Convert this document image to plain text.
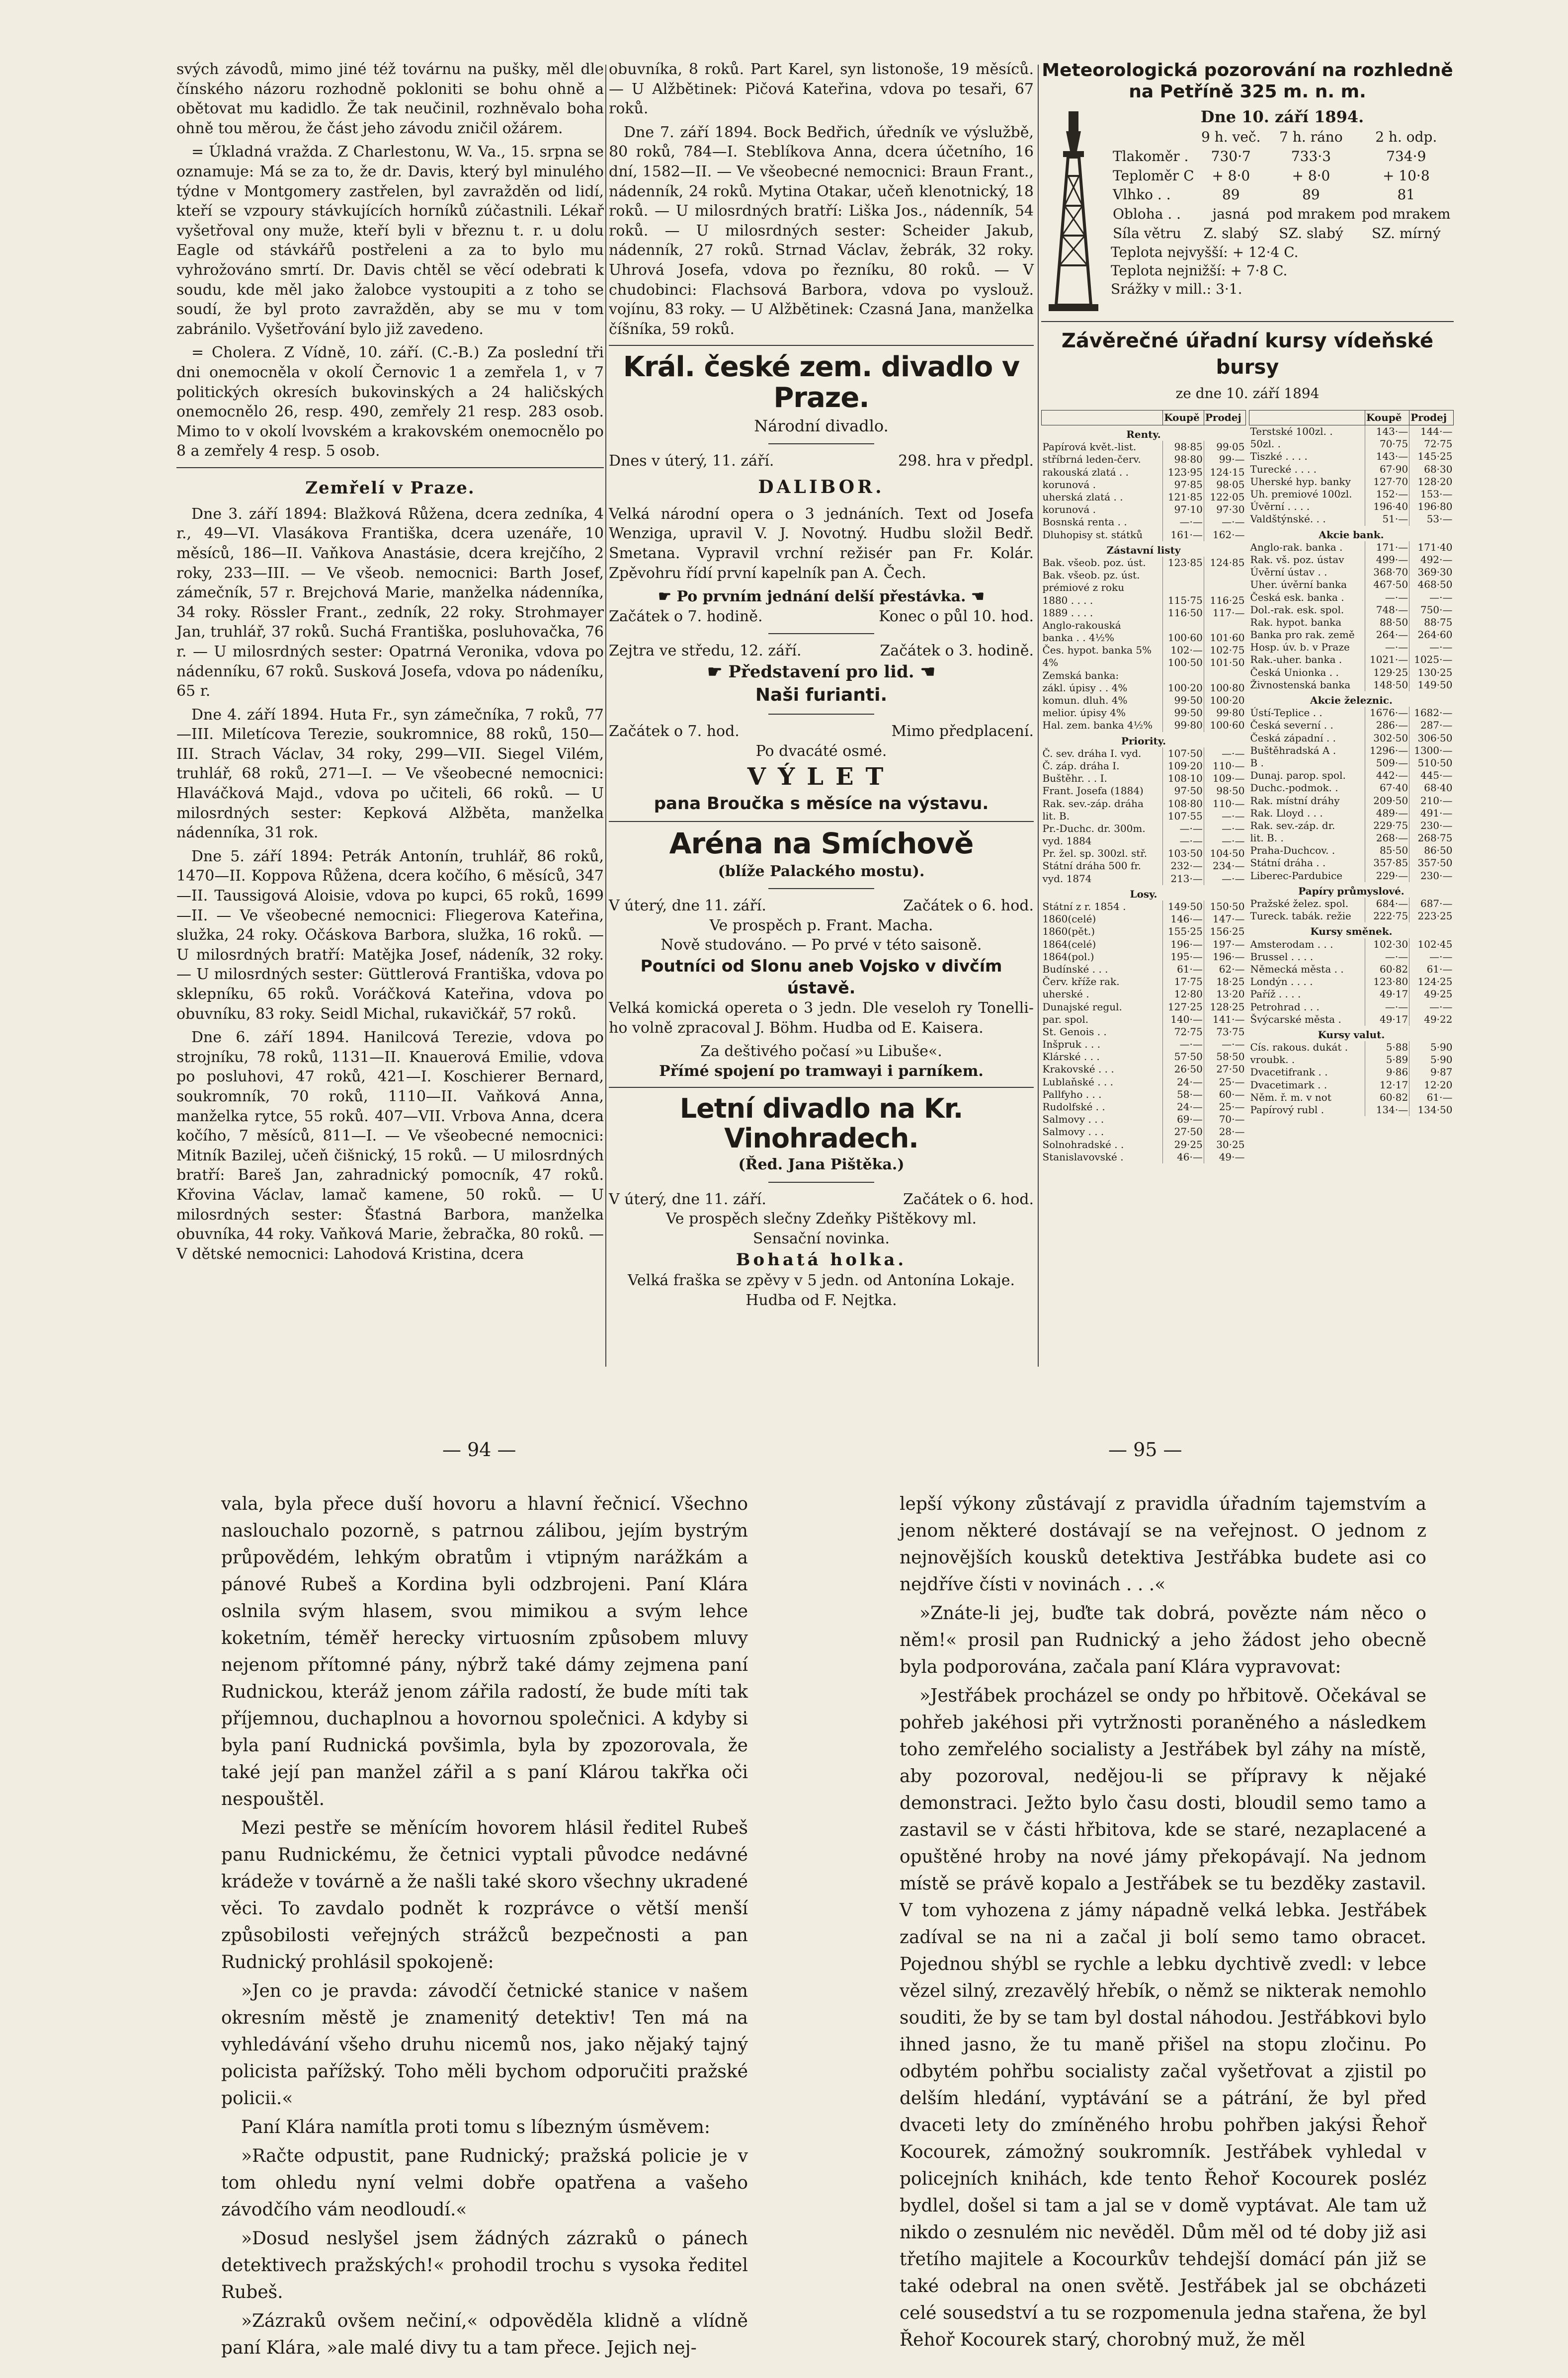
svých závodů, mimo jiné též továrnu na pušky, měl dle čínského názoru rozhodně pokloniti se bohu ohně a obětovat mu kadidlo. Že tak neučinil, rozhněvalo boha ohně tou měrou, že část jeho závodu zničil ožárem.

= Úkladná vražda. Z Charlestonu, W. Va., 15. srpna se oznamuje: Má se za to, že dr. Davis, který byl minulého týdne v Montgomery zastřelen, byl zavražděn od lidí, kteří se vzpoury stávkujících horníků zúčastnili. Lékař vyšetřoval ony muže, kteří byli v březnu t. r. u dolu Eagle od stávkářů postřeleni a za to bylo mu vyhrožováno smrtí. Dr. Davis chtěl se věcí odebrati k soudu, kde měl jako žalobce vystoupiti a z toho se soudí, že byl proto zavražděn, aby se mu v tom zabránilo. Vyšetřování bylo již zavedeno.

= Cholera. Z Vídně, 10. září. (C.-B.) Za poslední tři dni onemocněla v okolí Černovic 1 a zemřela 1, v 7 politických okresích bukovinských a 24 haličských onemocnělo 26, resp. 490, zemřely 21 resp. 283 osob. Mimo to v okolí lvovském a krakovském onemocnělo po 8 a zemřely 4 resp. 5 osob.

Zemřelí v Praze.

Dne 3. září 1894: Blažková Růžena, dcera zedníka, 4 r., 49—VI. Vlasákova Františka, dcera uzenáře, 10 měsíců, 186—II. Vaňkova Anastásie, dcera krejčího, 2 roky, 233—III. — Ve všeob. nemocnici: Barth Josef, zámečník, 57 r. Brejchová Marie, manželka nádenníka, 34 roky. Rössler Frant., zedník, 22 roky. Strohmayer Jan, truhlář, 37 roků. Suchá Františka, posluhovačka, 76 r. — U milosrdných sester: Opatrná Veronika, vdova po nádenníku, 67 roků. Susková Josefa, vdova po nádeníku, 65 r.

Dne 4. září 1894. Huta Fr., syn zámečníka, 7 roků, 77—III. Miletícova Terezie, soukromnice, 88 roků, 150—III. Strach Václav, 34 roky, 299—VII. Siegel Vilém, truhlář, 68 roků, 271—I. — Ve všeobecné nemocnici: Hlaváčková Majd., vdova po učiteli, 66 roků. — U milosrdných sester: Kepková Alžběta, manželka nádenníka, 31 rok.

Dne 5. září 1894: Petrák Antonín, truhlář, 86 roků, 1470—II. Koppova Růžena, dcera kočího, 6 měsíců, 347—II. Taussigová Aloisie, vdova po kupci, 65 roků, 1699—II. — Ve všeobecné nemocnici: Fliegerova Kateřina, služka, 24 roky. Očáskova Barbora, služka, 16 roků. — U milosrdných bratří: Matějka Josef, nádeník, 32 roky. — U milosrdných sester: Güttlerová Františka, vdova po sklepníku, 65 roků. Voráčková Kateřina, vdova po obuvníku, 83 roky. Seidl Michal, rukavičkář, 57 roků.

Dne 6. září 1894. Hanilcová Terezie, vdova po strojníku, 78 roků, 1131—II. Knauerová Emilie, vdova po posluhovi, 47 roků, 421—I. Koschierer Bernard, soukromník, 70 roků, 1110—II. Vaňková Anna, manželka rytce, 55 roků. 407—VII. Vrbova Anna, dcera kočího, 7 měsíců, 811—I. — Ve všeobecné nemocnici: Mitník Bazilej, učeň čišnický, 15 roků. — U milosrdných bratří: Bareš Jan, zahradnický pomocník, 47 roků. Křovina Václav, lamač kamene, 50 roků. — U milosrdných sester: Šťastná Barbora, manželka obuvníka, 44 roky. Vaňková Marie, žebračka, 80 roků. — V dětské nemocnici: Lahodová Kristina, dcera

obuvníka, 8 roků. Part Karel, syn listonoše, 19 měsíců. — U Alžbětinek: Pičová Kateřina, vdova po tesaři, 67 roků.

Dne 7. září 1894. Bock Bedřich, úředník ve výslužbě, 80 roků, 784—I. Steblíkova Anna, dcera účetního, 16 dní, 1582—II. — Ve všeobecné nemocnici: Braun Frant., nádenník, 24 roků. Mytina Otakar, učeň klenotnický, 18 roků. — U milosrdných bratří: Liška Jos., nádenník, 54 roků. — U milosrdných sester: Scheider Jakub, nádenník, 27 roků. Strnad Václav, žebrák, 32 roky. Uhrová Josefa, vdova po řezníku, 80 roků. — V chudobinci: Flachsová Barbora, vdova po vyslouž. vojínu, 83 roky. — U Alžbětinek: Czasná Jana, manželka číšníka, 59 roků.

Král. české zem. divadlo v Praze.
Národní divadlo.
Dnes v úterý, 11. září.	298. hra v předpl.
DALIBOR.

Velká národní opera o 3 jednáních. Text od Josefa Wenziga, upravil V. J. Novotný. Hudbu složil Bedř. Smetana. Vypravil vrchní režisér pan Fr. Kolár. Zpěvohru řídí první kapelník pan A. Čech.

☛ Po prvním jednání delší přestávka. ☚
Začátek o 7. hodině.	Konec o půl 10. hod.
Zejtra ve středu, 12. září.	Začátek o 3. hodině.
☛ Představení pro lid. ☚
Naši furianti.
Začátek o 7. hod.	Mimo předplacení.
Po dvacáté osmé.
VÝLET
pana Broučka s měsíce na výstavu.
Aréna na Smíchově
(blíže Palackého mostu).
V úterý, dne 11. září.	Začátek o 6. hod.
Ve prospěch p. Frant. Macha.
Nově studováno. — Po prvé v této saisoně.
Poutníci od Slonu aneb Vojsko v divčím ústavě.

Velká komická opereta o 3 jedn. Dle veseloh ry Tonelli-ho volně zpracoval J. Böhm. Hudba od E. Kaisera.

Za deštivého počasí »u Libuše«.
Přímé spojení po tramwayi i parníkem.
Letní divadlo na Kr. Vinohradech.
(Řed. Jana Pištěka.)
V úterý, dne 11. září.	Začátek o 6. hod.
Ve prospěch slečny Zdeňky Pištěkovy ml.
Sensační novinka.
Bohatá holka.
Velká fraška se zpěvy v 5 jedn. od Antonína Lokaje. Hudba od F. Nejtka.
Meteorologická pozorování na rozhledně
na Petříně 325 m. n. m.
Dne 10. září 1894.
	9 h. več.	7 h. ráno	2 h. odp.
Tlakoměr .	730·7	733·3	734·9
Teploměr C	+ 8·0	+ 8·0	+ 10·8
Vlhko . .	89	89	81
Obloha . .	jasná	pod mrakem	pod mrakem
Síla větru	Z. slabý	SZ. slabý	SZ. mírný
Teplota nejvyšší: + 12·4 C.
Teplota nejnižší: + 7·8 C.
Srážky v mill.: 3·1.
Závěrečné úřadní kursy vídeňské bursy
ze dne 10. září 1894
	Koupě	Prodej
Renty.		
Papírová květ.-list.	98·85	99·05
stříbrná leden-červ.	98·80	99·—
rakouská zlatá . .	123·95	124·15
korunová .	97·85	98·05
uherská zlatá . .	121·85	122·05
korunová .	97·10	97·30
Bosnská renta . .	—·—	—·—
Dluhopisy st. státků	161·—	162·—
Zástavní listy		
Bak. všeob. poz. úst.	123·85	124·85
Bak. všeob. pz. úst.		
prémiové z roku		
1880 . . . .	115·75	116·25
1889 . . . .	116·50	117·—
Anglo-rakouská		
banka . . 4½%	100·60	101·60
Čes. hypot. banka 5%	102·—	102·75
4%	100·50	101·50
Zemská banka:		
zákl. úpisy . . 4%	100·20	100·80
komun. dluh. 4%	99·50	100·20
melior. úpisy 4%	99·50	99·80
Hal. zem. banka 4½%	99·80	100·60
Priority.		
Č. sev. dráha I. vyd.	107·50	—·—
Č. záp. dráha I.	109·20	110·—
Buštěhr. . . I.	108·10	109·—
Frant. Josefa (1884)	97·50	98·50
Rak. sev.-záp. dráha	108·80	110·—
lit. B.	107·55	—·—
Pr.-Duchc. dr. 300m.	—·—	—·—
vyd. 1884	—·—	—·—
Pr. žel. sp. 300zl. stř.	103·50	104·50
Státní dráha 500 fr.	232·—	234·—
vyd. 1874	213·—	—·—
Losy.		
Státní z r. 1854 .	149·50	150·50
1860(celé)	146·—	147·—
1860(pět.)	155·25	156·25
1864(celé)	196·—	197·—
1864(pol.)	195·—	196·—
Budínské . . .	61·—	62·—
Červ. kříže rak.	17·75	18·25
uherské .	12·80	13·20
Dunajské regul.	127·25	128·25
par. spol.	140·—	141·—
St. Genois . .	72·75	73·75
Inšpruk . . .	—·—	—·—
Klárské . . .	57·50	58·50
Krakovské . . .	26·50	27·50
Lublaňské . . .	24·—	25·—
Pallfyho . . .	58·—	60·—
Rudolfské . .	24·—	25·—
Salmovy . . .	69·—	70·—
Salmovy . . .	27·50	28·—
Solnohradské . .	29·25	30·25
Stanislavovské .	46·—	49·—
	Koupě	Prodej
Terstské 100zl. .	143·—	144·—
50zl. .	70·75	72·75
Tiszké . . . .	143·—	145·25
Turecké . . . .	67·90	68·30
Uherské hyp. banky	127·70	128·20
Uh. premiové 100zl.	152·—	153·—
Úvěrní . . . .	196·40	196·80
Valdštýnské. . .	51·—	53·—
Akcie bank.		
Anglo-rak. banka .	171·—	171·40
Rak. vš. poz. ústav	499·—	492·—
Úvěrní ústav . .	368·70	369·30
Uher. úvěrní banka	467·50	468·50
Česká esk. banka .	—·—	—·—
Dol.-rak. esk. spol.	748·—	750·—
Rak. hypot. banka	88·50	88·75
Banka pro rak. země	264·—	264·60
Hosp. úv. b. v Praze	—·—	—·—
Rak.-uher. banka .	1021·—	1025·—
Česká Unionka . .	129·25	130·25
Živnostenská banka	148·50	149·50
Akcie železnic.		
Ústí-Teplice . .	1676·—	1682·—
Česká severní . .	286·—	287·—
Česká západní . .	302·50	306·50
Buštěhradská A .	1296·—	1300·—
B .	509·—	510·50
Dunaj. parop. spol.	442·—	445·—
Duchc.-podmok. .	67·40	68·40
Rak. místní dráhy	209·50	210·—
Rak. Lloyd . . .	489·—	491·—
Rak. sev.-záp. dr.	229·75	230·—
lit. B. .	268·—	268·75
Praha-Duchcov. .	85·50	86·50
Státní dráha . .	357·85	357·50
Liberec-Pardubice	229·—	230·—
Papíry průmyslové.		
Pražské želez. spol.	684·—	687·—
Tureck. tabák. režie	222·75	223·25
Kursy směnek.		
Amsterodam . . .	102·30	102·45
Brussel . . . .	—·—	—·—
Německá města . .	60·82	61·—
Londýn . . . .	123·80	124·25
Paříž . . . .	49·17	49·25
Petrohrad . . .	—·—	—·—
Švýcarské města .	49·17	49·22
Kursy valut.		
Cís. rakous. dukát .	5·88	5·90
vroubk. .	5·89	5·90
Dvacetifrank . .	9·86	9·87
Dvacetimark . .	12·17	12·20
Něm. ř. m. v not	60·82	61·—
Papírový rubl .	134·—	134·50
— 94 —	— 95 —

vala, byla přece duší hovoru a hlavní řečnicí. Všechno naslouchalo pozorně, s patrnou zálibou, jejím bystrým průpovědém, lehkým obratům i vtipným narážkám a pánové Rubeš a Kordina byli odzbrojeni. Paní Klára oslnila svým hlasem, svou mimikou a svým lehce koketním, téměř herecky virtuosním způsobem mluvy nejenom přítomné pány, nýbrž také dámy zejmena paní Rudnickou, kteráž jenom zářila radostí, že bude míti tak příjemnou, duchaplnou a hovornou společnici. A kdyby si byla paní Rudnická povšimla, byla by zpozorovala, že také její pan manžel zářil a s paní Klárou takřka oči nespouštěl.

Mezi pestře se měnícím hovorem hlásil ředitel Rubeš panu Rudnickému, že četnici vyptali původce nedávné krádeže v továrně a že našli také skoro všechny ukradené věci. To zavdalo podnět k rozprávce o větší menší způsobilosti veřejných strážců bezpečnosti a pan Rudnický prohlásil spokojeně:

»Jen co je pravda: závodčí četnické stanice v našem okresním městě je znamenitý detektiv! Ten má na vyhledávání všeho druhu nicemů nos, jako nějaký tajný policista pařížský. Toho měli bychom odporučiti pražské policii.«

Paní Klára namítla proti tomu s líbezným úsměvem:

»Račte odpustit, pane Rudnický; pražská policie je v tom ohledu nyní velmi dobře opatřena a vašeho závodčího vám neodloudí.«

»Dosud neslyšel jsem žádných zázraků o pánech detektivech pražských!« prohodil trochu s vysoka ředitel Rubeš.

»Zázraků ovšem nečiní,« odpověděla klidně a vlídně paní Klára, »ale malé divy tu a tam přece. Jejich nej-

lepší výkony zůstávají z pravidla úřadním tajemstvím a jenom některé dostávají se na veřejnost. O jednom z nejnovějších kousků detektiva Jestřábka budete asi co nejdříve čísti v novinách . . .«

»Znáte-li jej, buďte tak dobrá, povězte nám něco o něm!« prosil pan Rudnický a jeho žádost jeho obecně byla podporována, začala paní Klára vypravovat:

»Jestřábek procházel se ondy po hřbitově. Očekával se pohřeb jakéhosi při vytržnosti poraněného a následkem toho zemřelého socialisty a Jestřábek byl záhy na místě, aby pozoroval, nedějou-li se přípravy k nějaké demonstraci. Ježto bylo času dosti, bloudil semo tamo a zastavil se v části hřbitova, kde se staré, nezaplacené a opuštěné hroby na nové jámy překopávají. Na jednom místě se právě kopalo a Jestřábek se tu bezděky zastavil. V tom vyhozena z jámy nápadně velká lebka. Jestřábek zadíval se na ni a začal ji bolí semo tamo obracet. Pojednou shýbl se rychle a lebku dychtivě zvedl: v lebce vězel silný, zrezavělý hřebík, o němž se nikterak nemohlo souditi, že by se tam byl dostal náhodou. Jestřábkovi bylo ihned jasno, že tu maně přišel na stopu zločinu. Po odbytém pohřbu socialisty začal vyšetřovat a zjistil po delším hledání, vyptávání se a pátrání, že byl před dvaceti lety do zmíněného hrobu pohřben jakýsi Řehoř Kocourek, zámožný soukromník. Jestřábek vyhledal v policejních knihách, kde tento Řehoř Kocourek posléz bydlel, došel si tam a jal se v domě vyptávat. Ale tam už nikdo o zesnulém nic nevěděl. Dům měl od té doby již asi třetího majitele a Kocourkův tehdejší domácí pán již se také odebral na onen světě. Jestřábek jal se obcházeti celé sousedství a tu se rozpomenula jedna stařena, že byl Řehoř Kocourek starý, chorobný muž, že měl
